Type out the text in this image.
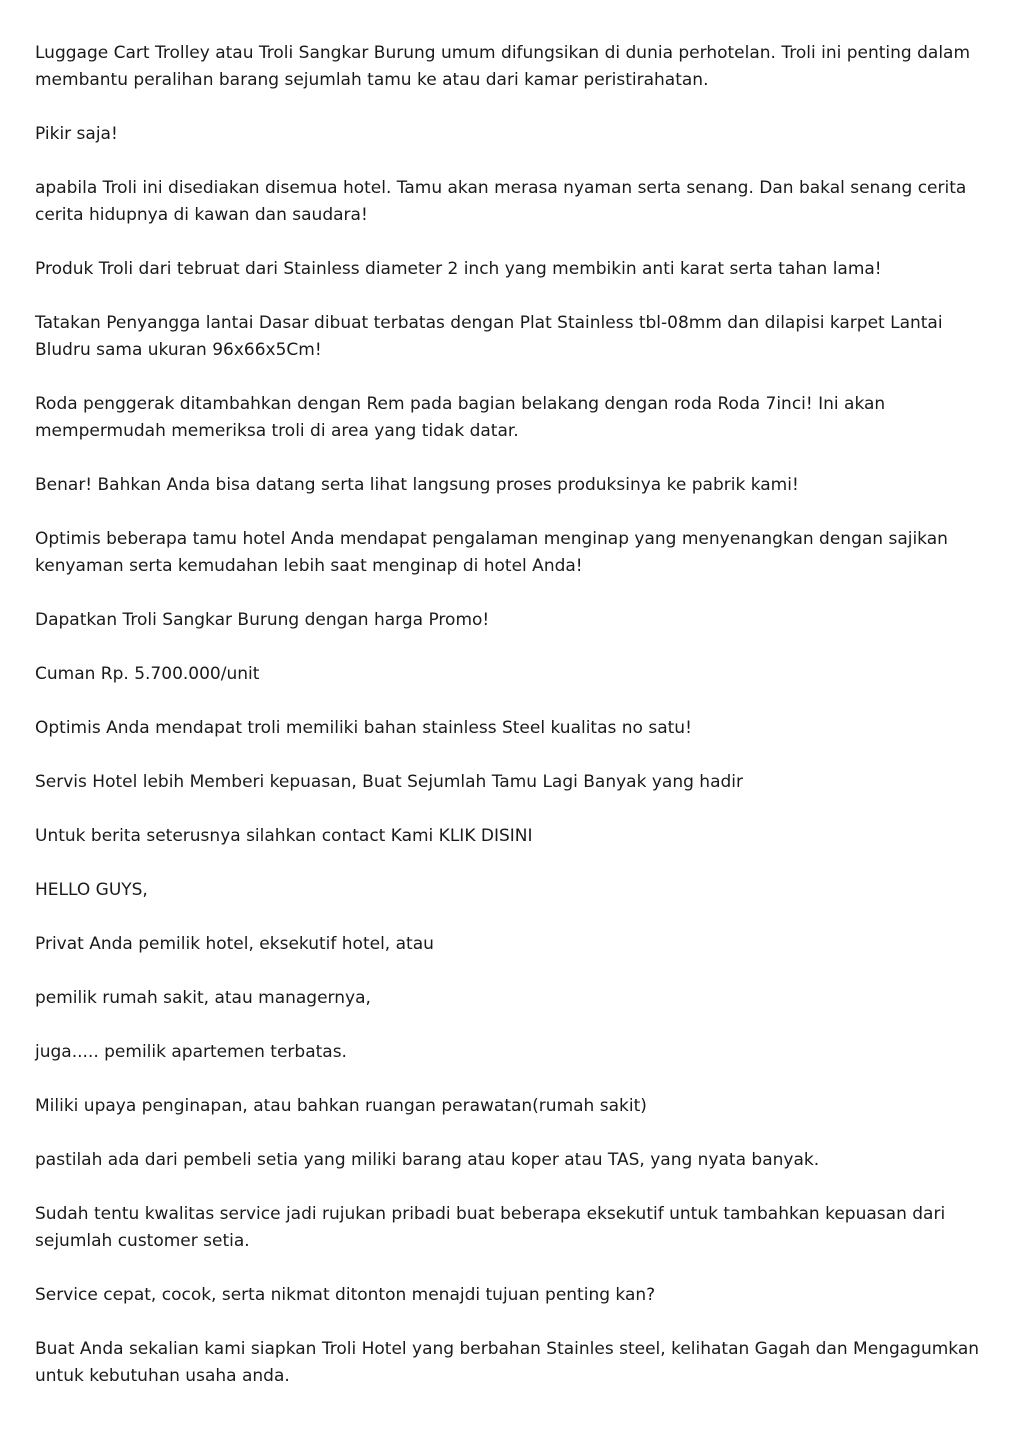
Luggage Cart Trolley atau Troli Sangkar Burung umum difungsikan di dunia perhotelan. Troli ini penting dalam membantu peralihan barang sejumlah tamu ke atau dari kamar peristirahatan.

Pikir saja!

apabila Troli ini disediakan disemua hotel. Tamu akan merasa nyaman serta senang. Dan bakal senang cerita cerita hidupnya di kawan dan saudara!

Produk Troli dari tebruat dari Stainless diameter 2 inch yang membikin anti karat serta tahan lama!

Tatakan Penyangga lantai Dasar dibuat terbatas dengan Plat Stainless tbl-08mm dan dilapisi karpet Lantai Bludru sama ukuran 96x66x5Cm!

Roda penggerak ditambahkan dengan Rem pada bagian belakang dengan roda Roda 7inci! Ini akan mempermudah memeriksa troli di area yang tidak datar.

Benar! Bahkan Anda bisa datang serta lihat langsung proses produksinya ke pabrik kami!

Optimis beberapa tamu hotel Anda mendapat pengalaman menginap yang menyenangkan dengan sajikan kenyaman serta kemudahan lebih saat menginap di hotel Anda!

Dapatkan Troli Sangkar Burung dengan harga Promo!

Cuman Rp. 5.700.000/unit

Optimis Anda mendapat troli memiliki bahan stainless Steel kualitas no satu!

Servis Hotel lebih Memberi kepuasan, Buat Sejumlah Tamu Lagi Banyak yang hadir

Untuk berita seterusnya silahkan contact Kami KLIK DISINI

HELLO GUYS,

Privat Anda pemilik hotel, eksekutif hotel, atau

pemilik rumah sakit, atau managernya,

juga..... pemilik apartemen terbatas.

Miliki upaya penginapan, atau bahkan ruangan perawatan(rumah sakit)

pastilah ada dari pembeli setia yang miliki barang atau koper atau TAS, yang nyata banyak.

Sudah tentu kwalitas service jadi rujukan pribadi buat beberapa eksekutif untuk tambahkan kepuasan dari sejumlah customer setia.

Service cepat, cocok, serta nikmat ditonton menajdi tujuan penting kan?

Buat Anda sekalian kami siapkan Troli Hotel yang berbahan Stainles steel, kelihatan Gagah dan Mengagumkan untuk kebutuhan usaha anda.
